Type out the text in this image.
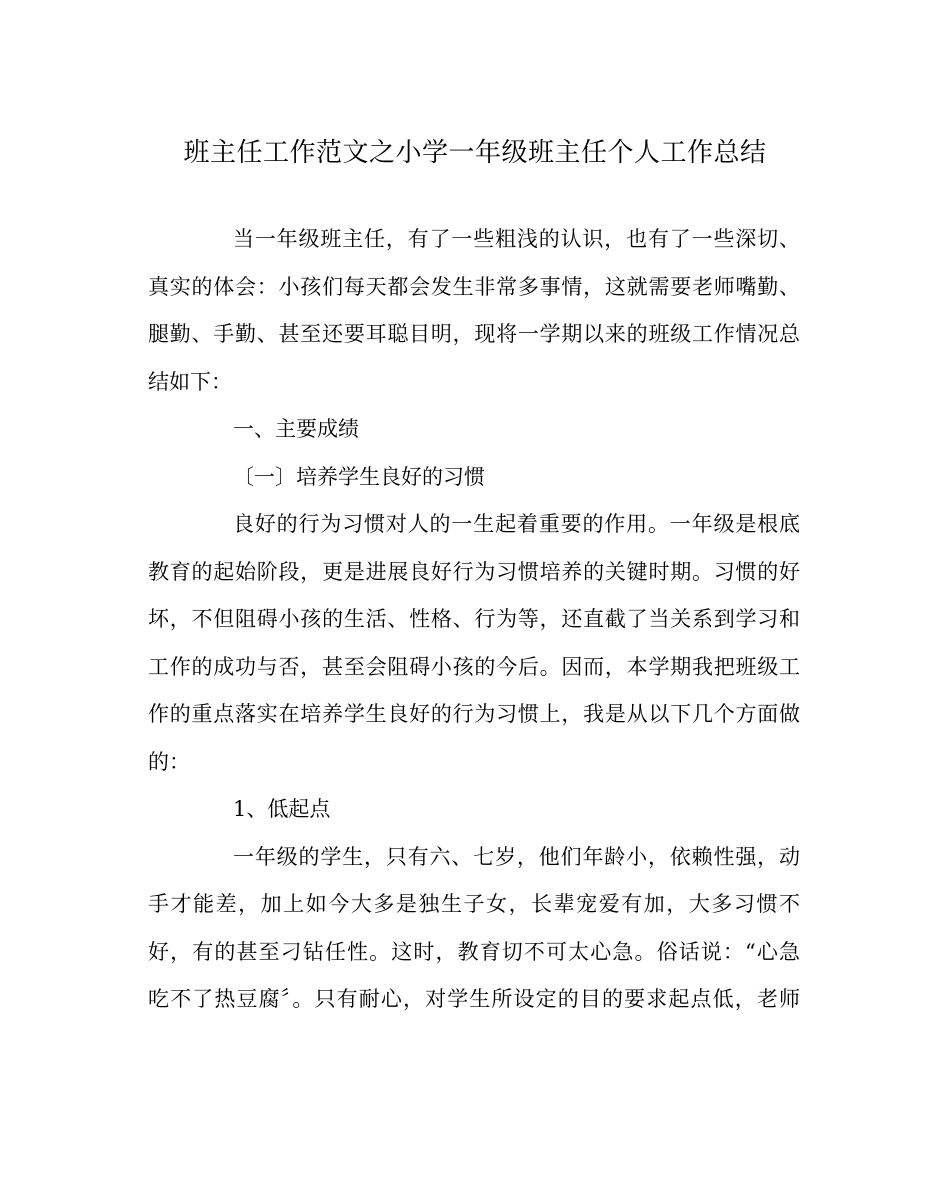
班主任工作范文之小学一年级班主任个人工作总结
当一年级班主任，有了一些粗浅的认识，也有了一些深切、
真实的体会：小孩们每天都会发生非常多事情，这就需要老师嘴勤、
腿勤、手勤、甚至还要耳聪目明，现将一学期以来的班级工作情况总
结如下：
一、主要成绩
〔一〕培养学生良好的习惯
良好的行为习惯对人的一生起着重要的作用。一年级是根底
教育的起始阶段，更是进展良好行为习惯培养的关键时期。习惯的好
坏，不但阻碍小孩的生活、性格、行为等，还直截了当关系到学习和
工作的成功与否，甚至会阻碍小孩的今后。因而，本学期我把班级工
作的重点落实在培养学生良好的行为习惯上，我是从以下几个方面做
的：
1、低起点
一年级的学生，只有六、七岁，他们年龄小，依赖性强，动
手才能差，加上如今大多是独生子女，长辈宠爱有加，大多习惯不
好，有的甚至刁钻任性。这时，教育切不可太心急。俗话说：“心急
吃不了热豆腐〞。只有耐心，对学生所设定的目的要求起点低，老师
